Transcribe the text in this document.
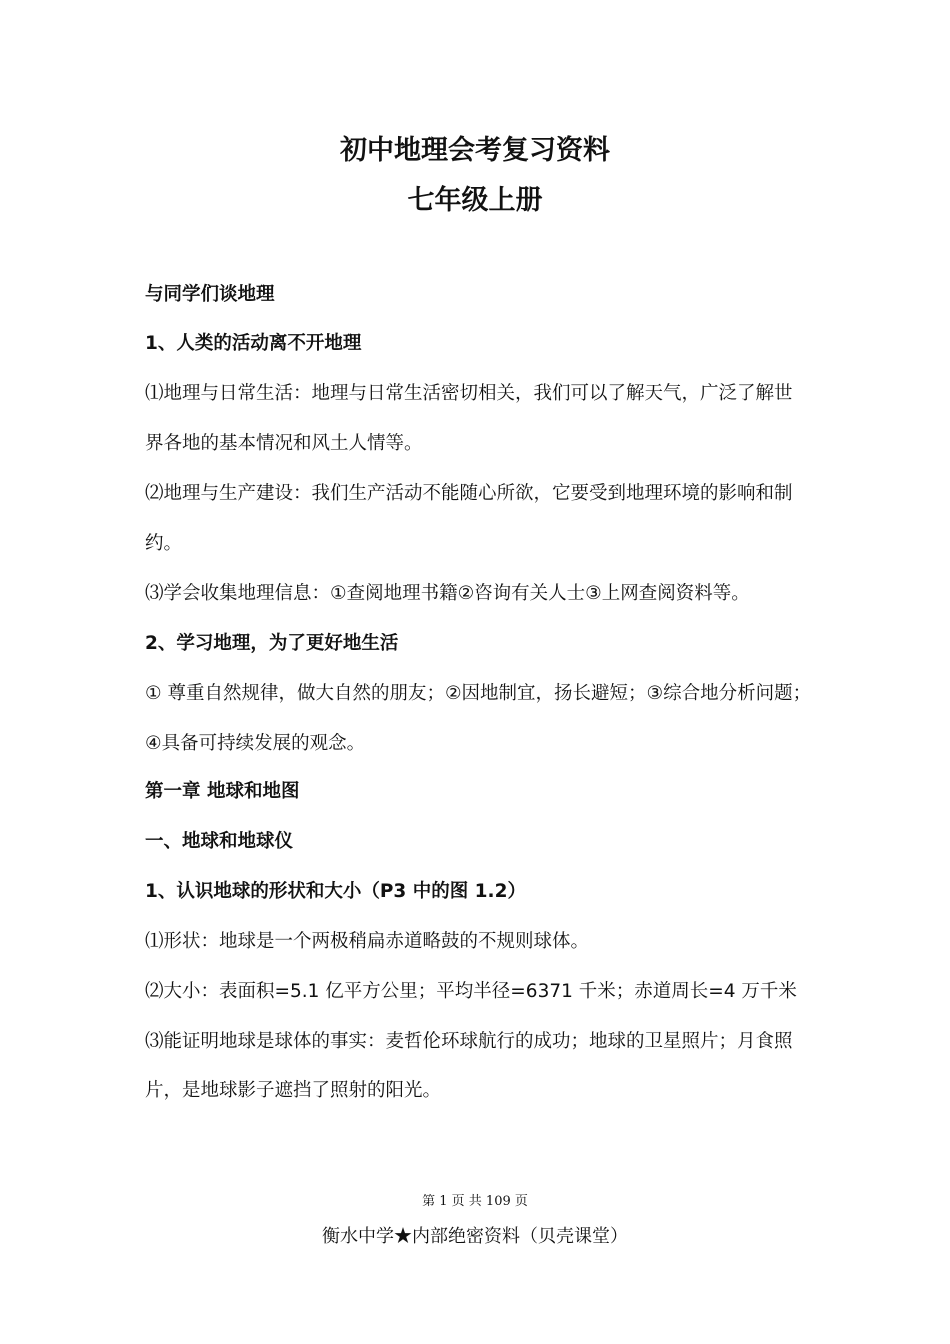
初中地理会考复习资料
七年级上册
与同学们谈地理
1、人类的活动离不开地理
⑴地理与日常生活：地理与日常生活密切相关，我们可以了解天气，广泛了解世
界各地的基本情况和风土人情等。
⑵地理与生产建设：我们生产活动不能随心所欲，它要受到地理环境的影响和制
约。
⑶学会收集地理信息：①查阅地理书籍②咨询有关人士③上网查阅资料等。
2、学习地理，为了更好地生活
① 尊重自然规律，做大自然的朋友；②因地制宜，扬长避短；③综合地分析问题；
④具备可持续发展的观念。
第一章 地球和地图
一、地球和地球仪
1、认识地球的形状和大小（P3 中的图 1.2）
⑴形状：地球是一个两极稍扁赤道略鼓的不规则球体。
⑵大小：表面积=5.1 亿平方公里；平均半径=6371 千米；赤道周长=4 万千米
⑶能证明地球是球体的事实：麦哲伦环球航行的成功；地球的卫星照片；月食照
片，是地球影子遮挡了照射的阳光。
第 1 页 共 109 页
衡水中学★内部绝密资料（贝壳课堂）
